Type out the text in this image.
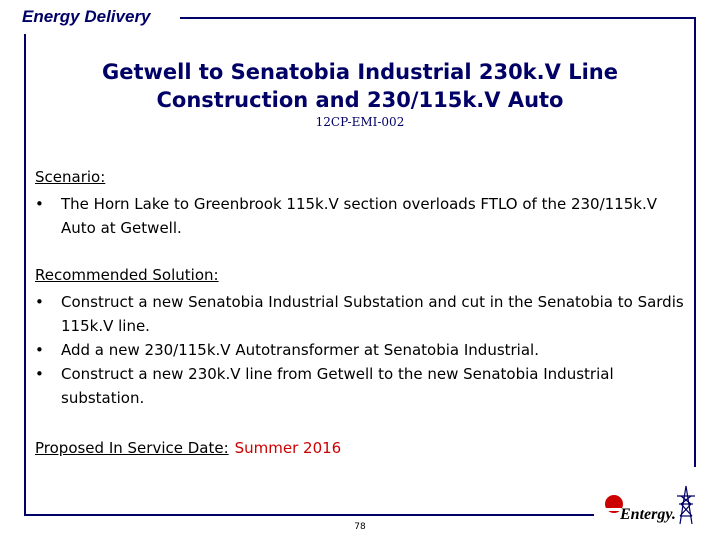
Energy Delivery
Getwell to Senatobia Industrial 230k.V Line
Construction and 230/115k.V Auto
12CP-EMI-002
Scenario:
• The Horn Lake to Greenbrook 115k.V section overloads FTLO of the 230/115k.V Auto at Getwell.
Recommended Solution:
• Construct a new Senatobia Industrial Substation and cut in the Senatobia to Sardis 115k.V line.
• Add a new 230/115k.V Autotransformer at Senatobia Industrial.
• Construct a new 230k.V line from Getwell to the new Senatobia Industrial substation.
Proposed In Service Date: Summer 2016
78
Entergy.
